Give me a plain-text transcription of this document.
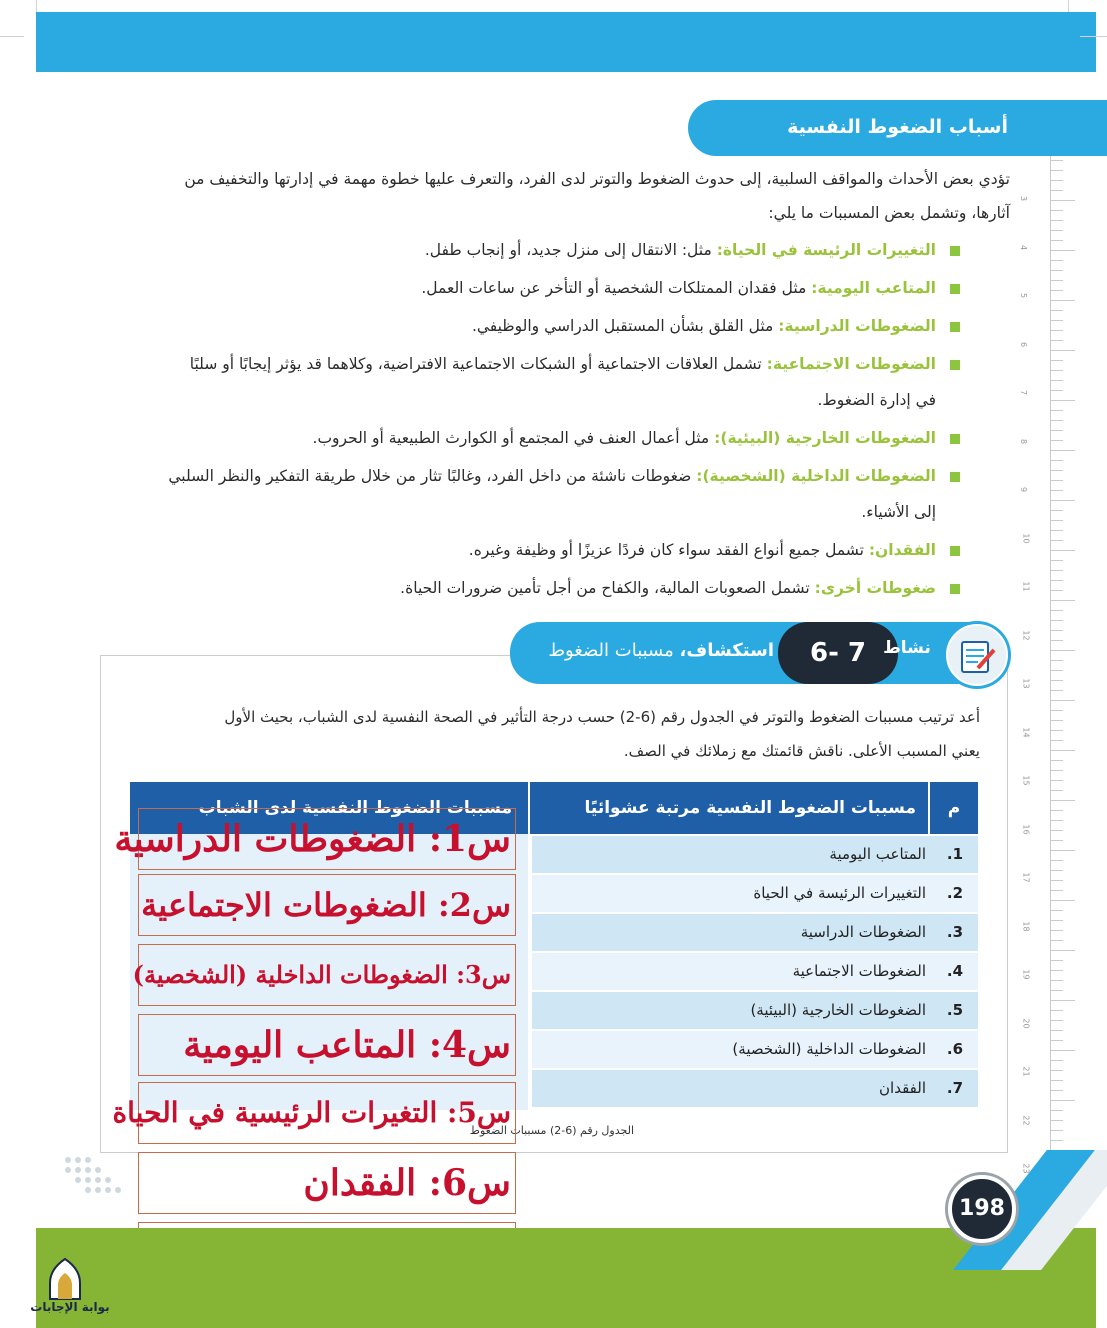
3
4
5
6
7
8
9
10
11
12
13
14
15
16
17
18
19
20
21
22
23
أسباب الضغوط النفسية
تؤدي بعض الأحداث والمواقف السلبية، إلى حدوث الضغوط والتوتر لدى الفرد، والتعرف عليها خطوة مهمة في إدارتها والتخفيف من
آثارها، وتشمل بعض المسببات ما يلي:
التغييرات الرئيسة في الحياة: مثل: الانتقال إلى منزل جديد، أو إنجاب طفل.
المتاعب اليومية: مثل فقدان الممتلكات الشخصية أو التأخر عن ساعات العمل.
الضغوطات الدراسية: مثل القلق بشأن المستقبل الدراسي والوظيفي.
الضغوطات الاجتماعية: تشمل العلاقات الاجتماعية أو الشبكات الاجتماعية الافتراضية، وكلاهما قد يؤثر إيجابًا أو سلبًا
في إدارة الضغوط.
الضغوطات الخارجية (البيئية): مثل أعمال العنف في المجتمع أو الكوارث الطبيعية أو الحروب.
الضغوطات الداخلية (الشخصية): ضغوطات ناشئة من داخل الفرد، وغالبًا تثار من خلال طريقة التفكير والنظر السلبي
إلى الأشياء.
الفقدان: تشمل جميع أنواع الفقد سواء كان فردًا عزيزًا أو وظيفة وغيره.
ضغوطات أخرى: تشمل الصعوبات المالية، والكفاح من أجل تأمين ضرورات الحياة.
استكشاف، مسببات الضغوط	6- 7	نشاط
أعد ترتيب مسببات الضغوط والتوتر في الجدول رقم (6-2) حسب درجة التأثير في الصحة النفسية لدى الشباب، بحيث الأول
يعني المسبب الأعلى. ناقش قائمتك مع زملائك في الصف.
م
مسببات الضغوط النفسية مرتبة عشوائيًا
مسببات الضغوط النفسية لدى الشباب
1.
المتاعب اليومية
2.
التغييرات الرئيسة في الحياة
3.
الضغوطات الدراسية
4.
الضغوطات الاجتماعية
5.
الضغوطات الخارجية (البيئية)
6.
الضغوطات الداخلية (الشخصية)
7.
الفقدان
الجدول رقم (6-2) مسببات الضغوط
س1: الضغوطات الدراسية
س2: الضغوطات الاجتماعية
س3: الضغوطات الداخلية (الشخصية)
س4: المتاعب اليومية
س5: التغيرات الرئيسية في الحياة
س6: الفقدان
198
بوابة الإجابات
